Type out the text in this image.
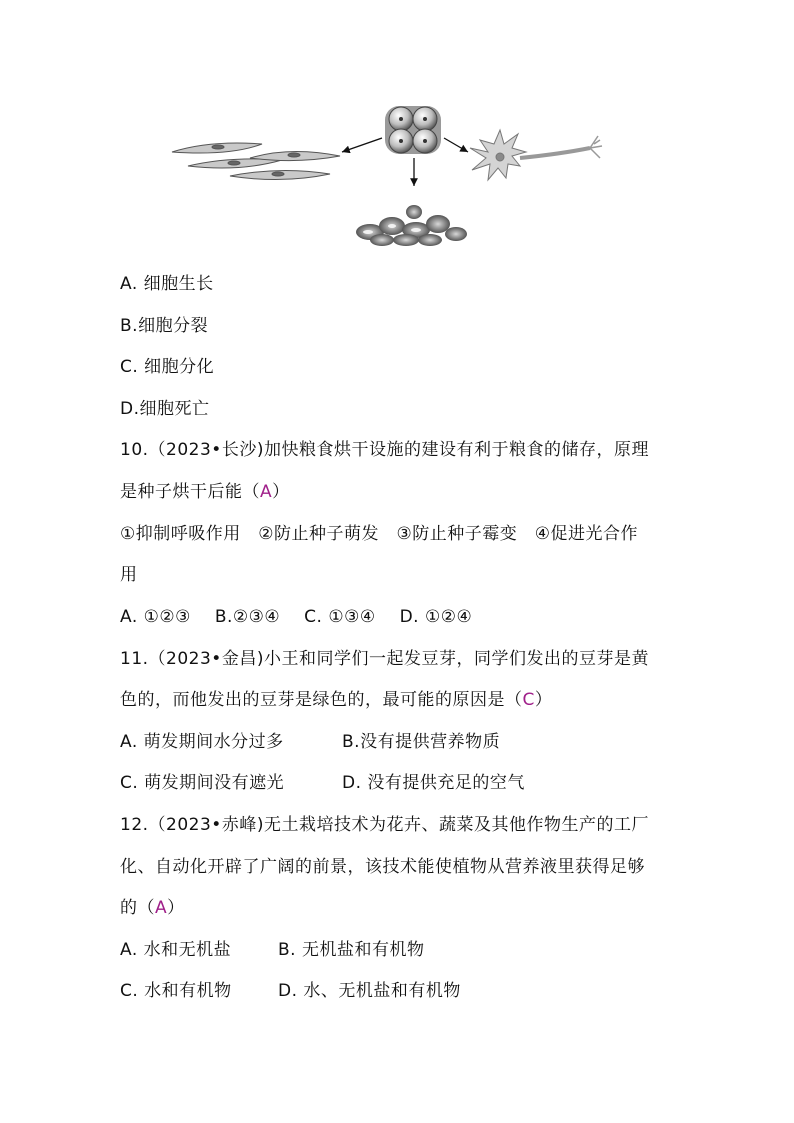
A. 细胞生长
B.细胞分裂
C. 细胞分化
D.细胞死亡
10.（2023•长沙)加快粮食烘干设施的建设有利于粮食的储存，原理
是种子烘干后能（A）
①抑制呼吸作用　②防止种子萌发　③防止种子霉变　④促进光合作
用
A. ①②③ B.②③④ C. ①③④ D. ①②④
11.（2023•金昌)小王和同学们一起发豆芽，同学们发出的豆芽是黄
色的，而他发出的豆芽是绿色的，最可能的原因是（C）
A. 萌发期间水分过多	B.没有提供营养物质
C. 萌发期间没有遮光	D. 没有提供充足的空气
12.（2023•赤峰)无土栽培技术为花卉、蔬菜及其他作物生产的工厂
化、自动化开辟了广阔的前景，该技术能使植物从营养液里获得足够
的（A）
A. 水和无机盐	B. 无机盐和有机物
C. 水和有机物	D. 水、无机盐和有机物
